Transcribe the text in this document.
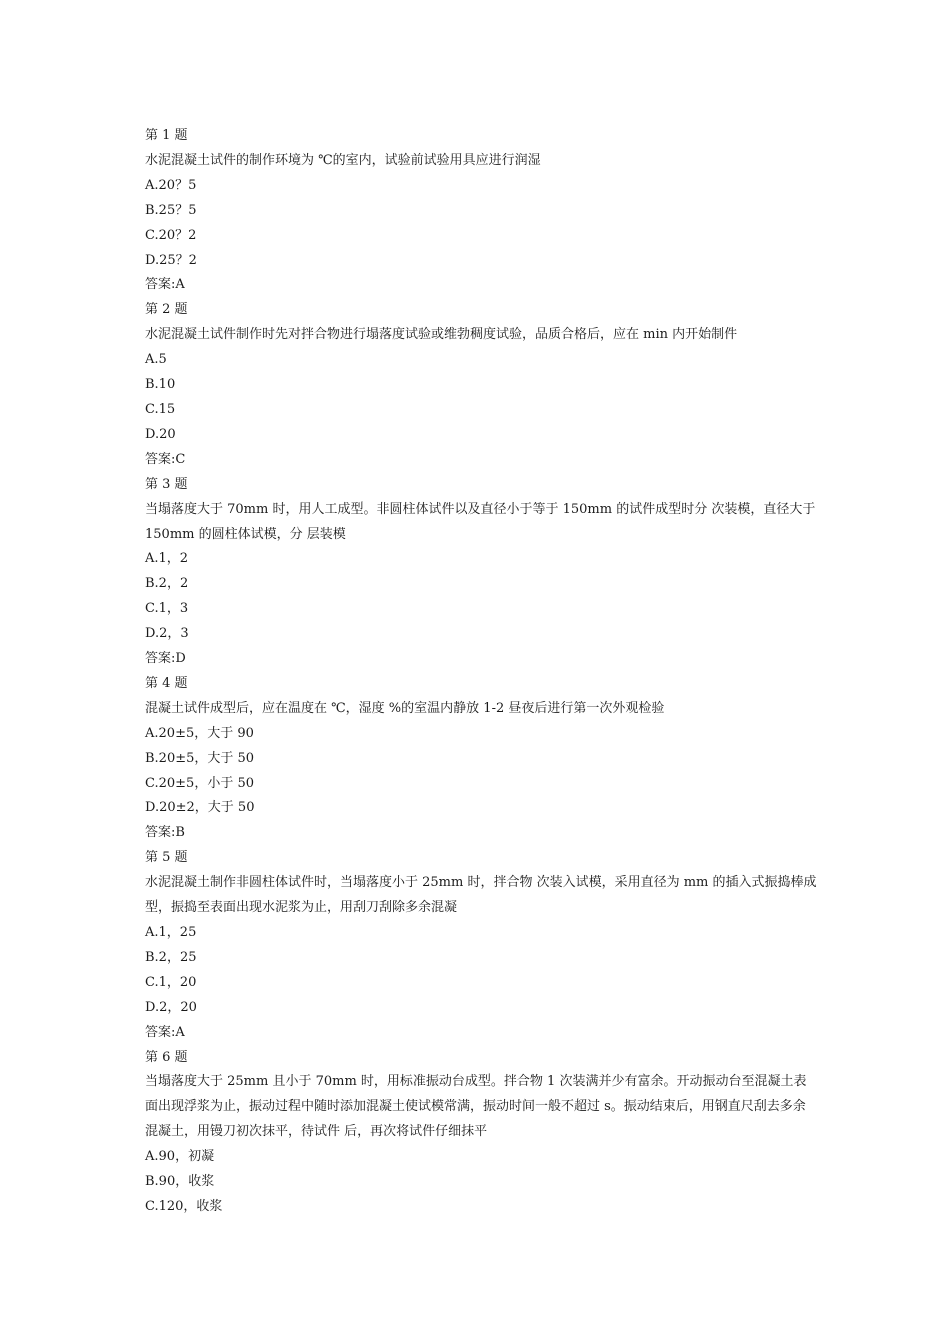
第 1 题
水泥混凝土试件的制作环境为 ℃的室内，试验前试验用具应进行润湿
A.20？5
B.25？5
C.20？2
D.25？2
答案:A
第 2 题
水泥混凝土试件制作时先对拌合物进行塌落度试验或维勃稠度试验，品质合格后，应在 min 内开始制件
A.5
B.10
C.15
D.20
答案:C
第 3 题
当塌落度大于 70mm 时，用人工成型。非圆柱体试件以及直径小于等于 150mm 的试件成型时分 次装模，直径大于 150mm 的圆柱体试模，分 层装模
A.1，2
B.2，2
C.1，3
D.2，3
答案:D
第 4 题
混凝土试件成型后，应在温度在 ℃，湿度 %的室温内静放 1-2 昼夜后进行第一次外观检验
A.20±5，大于 90
B.20±5，大于 50
C.20±5，小于 50
D.20±2，大于 50
答案:B
第 5 题
水泥混凝土制作非圆柱体试件时，当塌落度小于 25mm 时，拌合物 次装入试模，采用直径为 mm 的插入式振捣棒成型，振捣至表面出现水泥浆为止，用刮刀刮除多余混凝
A.1，25
B.2，25
C.1，20
D.2，20
答案:A
第 6 题
当塌落度大于 25mm 且小于 70mm 时，用标准振动台成型。拌合物 1 次装满并少有富余。开动振动台至混凝土表面出现浮浆为止，振动过程中随时添加混凝土使试模常满，振动时间一般不超过 s。振动结束后，用钢直尺刮去多余混凝土，用镘刀初次抹平，待试件 后，再次将试件仔细抹平
A.90，初凝
B.90，收浆
C.120，收浆
